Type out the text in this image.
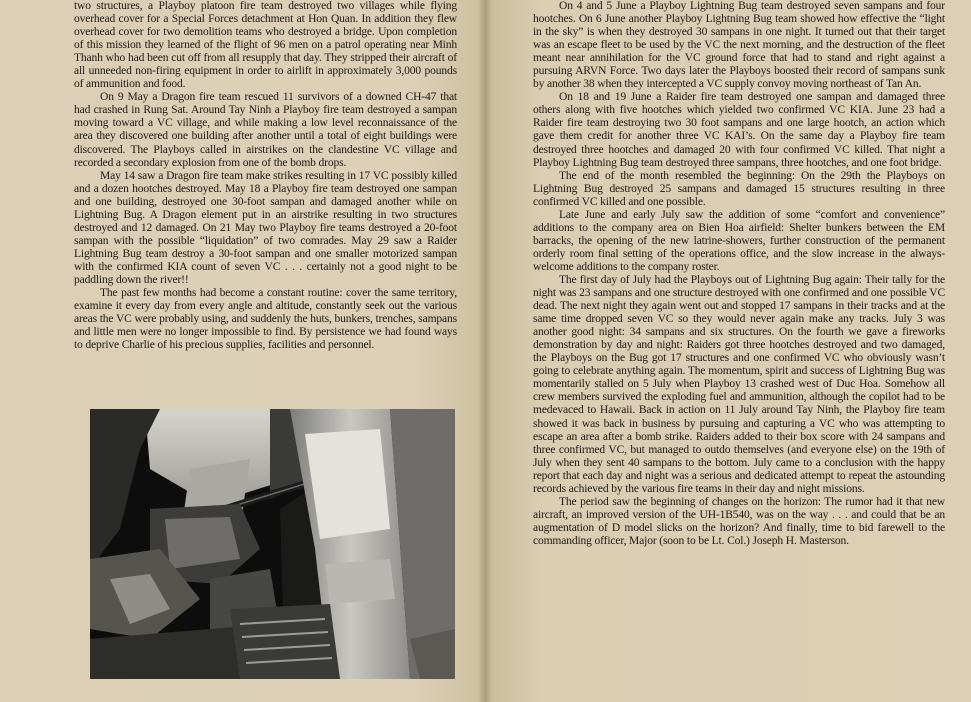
two structures, a Playboy platoon fire team destroyed two villages while flying overhead cover for a Special Forces detachment at Hon Quan. In addition they flew overhead cover for two demolition teams who destroyed a bridge. Upon completion of this mission they learned of the flight of 96 men on a patrol operating near Minh Thanh who had been cut off from all resupply that day. They stripped their aircraft of all unneeded non-firing equipment in order to airlift in approximately 3,000 pounds of ammunition and food.

On 9 May a Dragon fire team rescued 11 survivors of a downed CH-47 that had crashed in Rung Sat. Around Tay Ninh a Playboy fire team destroyed a sampan moving toward a VC village, and while making a low level reconnaissance of the area they discovered one building after another until a total of eight buildings were discovered. The Playboys called in airstrikes on the clandestine VC village and recorded a secondary explosion from one of the bomb drops.

May 14 saw a Dragon fire team make strikes resulting in 17 VC possibly killed and a dozen hootches destroyed. May 18 a Playboy fire team destroyed one sampan and one building, destroyed one 30-foot sampan and damaged another while on Lightning Bug. A Dragon element put in an airstrike resulting in two structures destroyed and 12 damaged. On 21 May two Playboy fire teams destroyed a 20-foot sampan with the possible “liquidation” of two comrades. May 29 saw a Raider Lightning Bug team destroy a 30-foot sampan and one smaller motorized sampan with the confirmed KIA count of seven VC . . . certainly not a good night to be paddling down the river!!

The past few months had become a constant routine: cover the same territory, examine it every day from every angle and altitude, constantly seek out the various areas the VC were probably using, and suddenly the huts, bunkers, trenches, sampans and little men were no longer impossible to find. By persistence we had found ways to deprive Charlie of his precious supplies, facilities and personnel.

On 4 and 5 June a Playboy Lightning Bug team destroyed seven sampans and four hootches. On 6 June another Playboy Lightning Bug team showed how effective the “light in the sky” is when they destroyed 30 sampans in one night. It turned out that their target was an escape fleet to be used by the VC the next morning, and the destruction of the fleet meant near annihilation for the VC ground force that had to stand and right against a pursuing ARVN Force. Two days later the Playboys boosted their record of sampans sunk by another 38 when they intercepted a VC supply convoy moving northeast of Tan An.

On 18 and 19 June a Raider fire team destroyed one sampan and damaged three others along with five hootches which yielded two confirmed VC KIA. June 23 had a Raider fire team destroying two 30 foot sampans and one large hootch, an action which gave them credit for another three VC KAI’s. On the same day a Playboy fire team destroyed three hootches and damaged 20 with four confirmed VC killed. That night a Playboy Lightning Bug team destroyed three sampans, three hootches, and one foot bridge.

The end of the month resembled the beginning: On the 29th the Playboys on Lightning Bug destroyed 25 sampans and damaged 15 structures resulting in three confirmed VC killed and one possible.

Late June and early July saw the addition of some “comfort and convenience” additions to the company area on Bien Hoa airfield: Shelter bunkers between the EM barracks, the opening of the new latrine-showers, further construction of the permanent orderly room final setting of the operations office, and the slow increase in the always-welcome additions to the company roster.

The first day of July had the Playboys out of Lightning Bug again: Their tally for the night was 23 sampans and one structure destroyed with one confirmed and one possible VC dead. The next night they again went out and stopped 17 sampans in their tracks and at the same time dropped seven VC so they would never again make any tracks. July 3 was another good night: 34 sampans and six structures. On the fourth we gave a fireworks demonstration by day and night: Raiders got three hootches destroyed and two damaged, the Playboys on the Bug got 17 structures and one confirmed VC who obviously wasn’t going to celebrate anything again. The momentum, spirit and success of Lightning Bug was momentarily stalled on 5 July when Playboy 13 crashed west of Duc Hoa. Somehow all crew members survived the exploding fuel and ammunition, although the copilot had to be medevaced to Hawaii. Back in action on 11 July around Tay Ninh, the Playboy fire team showed it was back in business by pursuing and capturing a VC who was attempting to escape an area after a bomb strike. Raiders added to their box score with 24 sampans and three confirmed VC, but managed to outdo themselves (and everyone else) on the 19th of July when they sent 40 sampans to the bottom. July came to a conclusion with the happy report that each day and night was a serious and dedicated attempt to repeat the astounding records achieved by the various fire teams in their day and night missions.

The period saw the beginning of changes on the horizon: The rumor had it that new aircraft, an improved version of the UH-1B540, was on the way . . . and could that be an augmentation of D model slicks on the horizon? And finally, time to bid farewell to the commanding officer, Major (soon to be Lt. Col.) Joseph H. Masterson.
